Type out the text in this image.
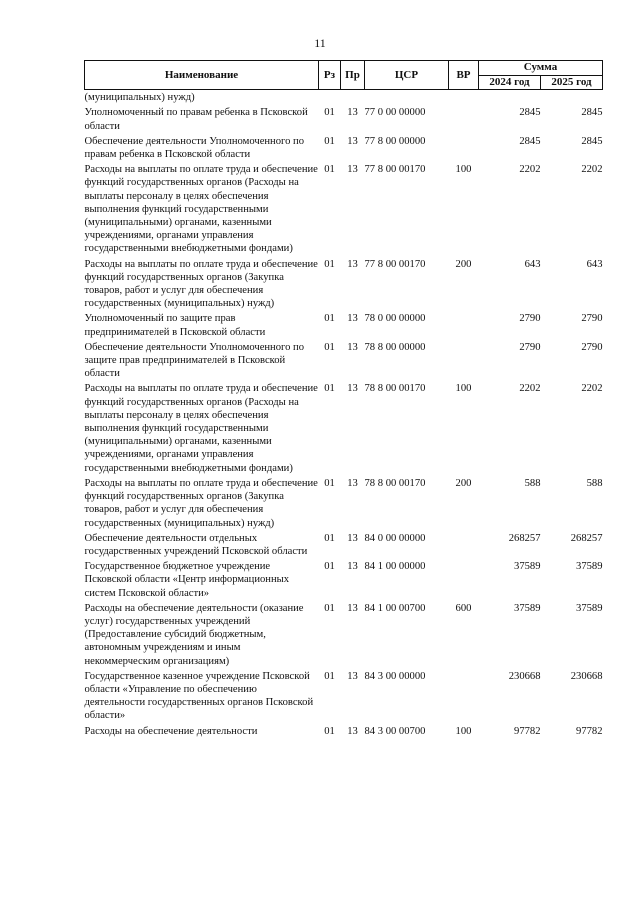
11
Наименование	Рз	Пр	ЦСР	ВР	Сумма	
					2024 год	2025 год
(муниципальных) нужд)						
Уполномоченный по правам ребенка в Псковской области	01	13	77 0 00 00000		2845	2845
Обеспечение деятельности Уполномоченного по правам ребенка в Псковской области	01	13	77 8 00 00000		2845	2845
Расходы на выплаты по оплате труда и обеспечение функций государственных органов (Расходы на выплаты персоналу в целях обеспечения выполнения функций государственными (муниципальными) органами, казенными учреждениями, органами управления государственными внебюджетными фондами)	01	13	77 8 00 00170	100	2202	2202
Расходы на выплаты по оплате труда и обеспечение функций государственных органов (Закупка товаров, работ и услуг для обеспечения государственных (муниципальных) нужд)	01	13	77 8 00 00170	200	643	643
Уполномоченный по защите прав предпринимателей в Псковской области	01	13	78 0 00 00000		2790	2790
Обеспечение деятельности Уполномоченного по защите прав предпринимателей в Псковской области	01	13	78 8 00 00000		2790	2790
Расходы на выплаты по оплате труда и обеспечение функций государственных органов (Расходы на выплаты персоналу в целях обеспечения выполнения функций государственными (муниципальными) органами, казенными учреждениями, органами управления государственными внебюджетными фондами)	01	13	78 8 00 00170	100	2202	2202
Расходы на выплаты по оплате труда и обеспечение функций государственных органов (Закупка товаров, работ и услуг для обеспечения государственных (муниципальных) нужд)	01	13	78 8 00 00170	200	588	588
Обеспечение деятельности отдельных государственных учреждений Псковской области	01	13	84 0 00 00000		268257	268257
Государственное бюджетное учреждение Псковской области «Центр информационных систем Псковской области»	01	13	84 1 00 00000		37589	37589
Расходы на обеспечение деятельности (оказание услуг) государственных учреждений (Предоставление субсидий бюджетным, автономным учреждениям и иным некоммерческим организациям)	01	13	84 1 00 00700	600	37589	37589
Государственное казенное учреждение Псковской области «Управление по обеспечению деятельности государственных органов Псковской области»	01	13	84 3 00 00000		230668	230668
Расходы на обеспечение деятельности	01	13	84 3 00 00700	100	97782	97782
